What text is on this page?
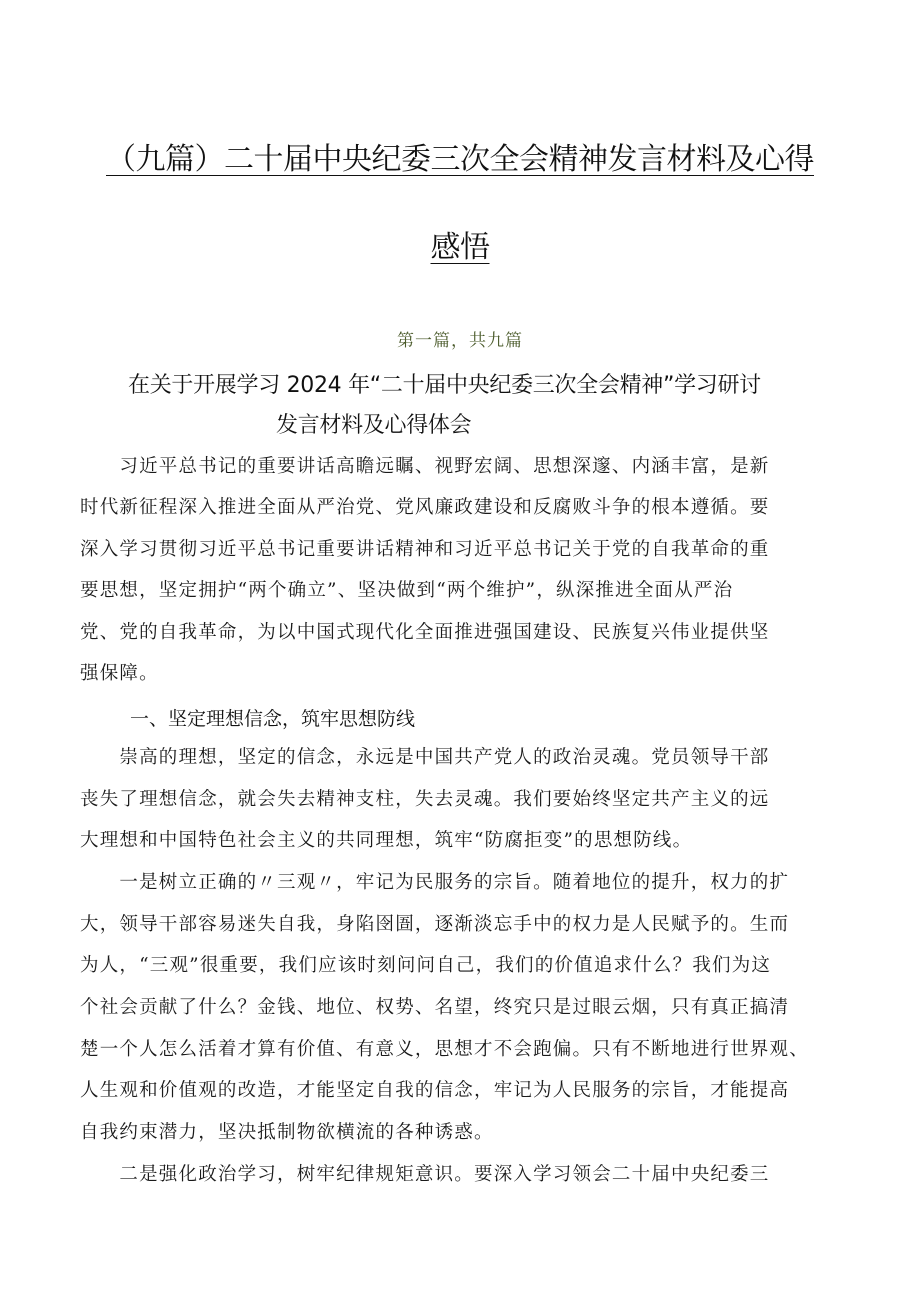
（九篇）二十届中央纪委三次全会精神发言材料及心得
感悟
第一篇，共九篇
在关于开展学习 2024 年“二十届中央纪委三次全会精神”学习研讨
发言材料及心得体会
　　习近平总书记的重要讲话高瞻远瞩、视野宏阔、思想深邃、内涵丰富，是新
时代新征程深入推进全面从严治党、党风廉政建设和反腐败斗争的根本遵循。要
深入学习贯彻习近平总书记重要讲话精神和习近平总书记关于党的自我革命的重
要思想，坚定拥护“两个确立”、坚决做到“两个维护”，纵深推进全面从严治
党、党的自我革命，为以中国式现代化全面推进强国建设、民族复兴伟业提供坚
强保障。
一、坚定理想信念，筑牢思想防线
　　崇高的理想，坚定的信念，永远是中国共产党人的政治灵魂。党员领导干部
丧失了理想信念，就会失去精神支柱，失去灵魂。我们要始终坚定共产主义的远
大理想和中国特色社会主义的共同理想，筑牢“防腐拒变”的思想防线。
　　一是树立正确的〃三观〃，牢记为民服务的宗旨。随着地位的提升，权力的扩
大，领导干部容易迷失自我，身陷囹圄，逐渐淡忘手中的权力是人民赋予的。生而
为人，“三观”很重要，我们应该时刻问问自己，我们的价值追求什么？我们为这
个社会贡献了什么？金钱、地位、权势、名望，终究只是过眼云烟，只有真正搞清
楚一个人怎么活着才算有价值、有意义，思想才不会跑偏。只有不断地进行世界观、
人生观和价值观的改造，才能坚定自我的信念，牢记为人民服务的宗旨，才能提高
自我约束潜力，坚决抵制物欲横流的各种诱惑。
　　二是强化政治学习，树牢纪律规矩意识。要深入学习领会二十届中央纪委三
